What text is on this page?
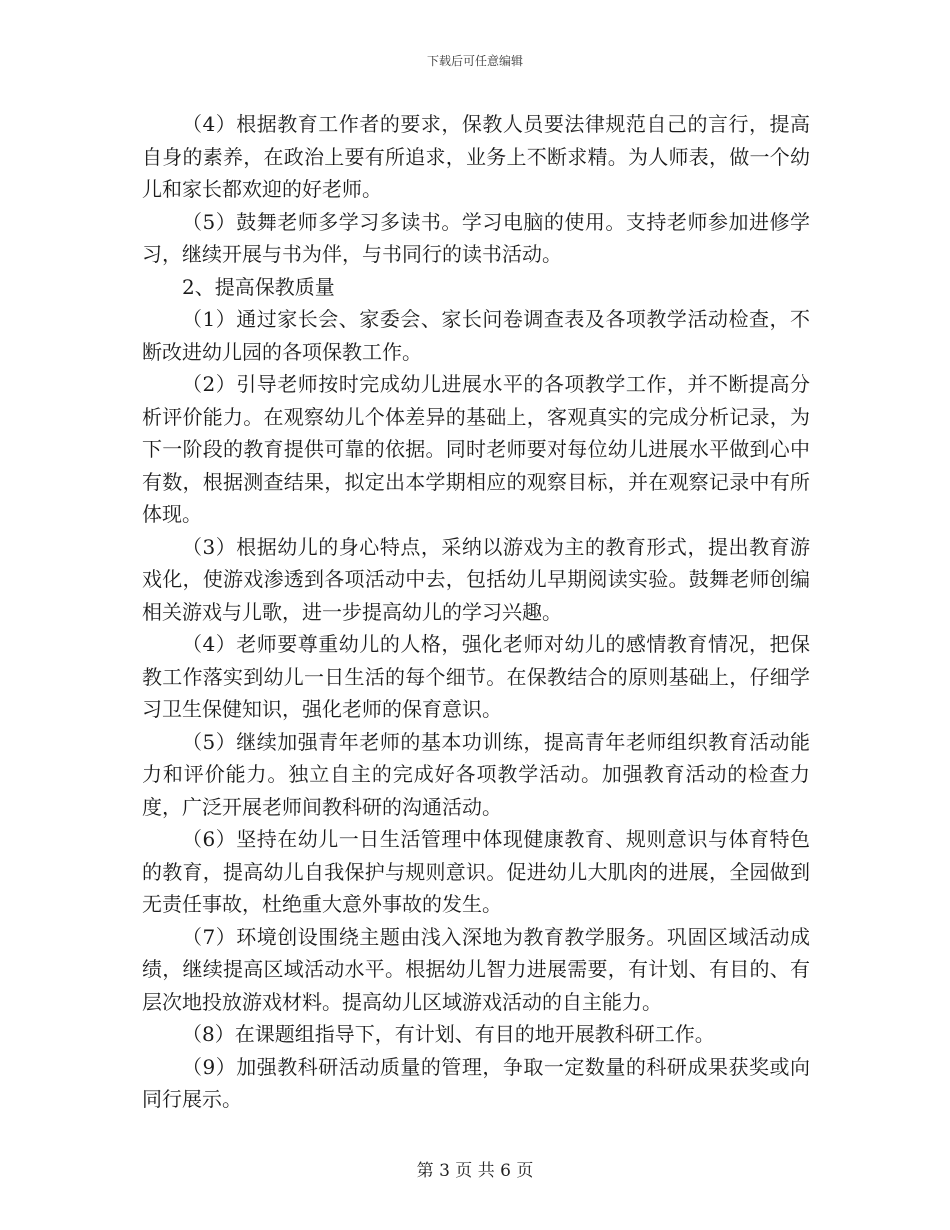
下载后可任意编辑

（4）根据教育工作者的要求，保教人员要法律规范自己的言行，提高自身的素养，在政治上要有所追求，业务上不断求精。为人师表，做一个幼儿和家长都欢迎的好老师。

（5）鼓舞老师多学习多读书。学习电脑的使用。支持老师参加进修学习，继续开展与书为伴，与书同行的读书活动。

2、提高保教质量

（1）通过家长会、家委会、家长问卷调查表及各项教学活动检查，不断改进幼儿园的各项保教工作。

（2）引导老师按时完成幼儿进展水平的各项教学工作，并不断提高分析评价能力。在观察幼儿个体差异的基础上，客观真实的完成分析记录，为下一阶段的教育提供可靠的依据。同时老师要对每位幼儿进展水平做到心中有数，根据测查结果，拟定出本学期相应的观察目标，并在观察记录中有所体现。

（3）根据幼儿的身心特点，采纳以游戏为主的教育形式，提出教育游戏化，使游戏渗透到各项活动中去，包括幼儿早期阅读实验。鼓舞老师创编相关游戏与儿歌，进一步提高幼儿的学习兴趣。

（4）老师要尊重幼儿的人格，强化老师对幼儿的感情教育情况，把保教工作落实到幼儿一日生活的每个细节。在保教结合的原则基础上，仔细学习卫生保健知识，强化老师的保育意识。

（5）继续加强青年老师的基本功训练，提高青年老师组织教育活动能力和评价能力。独立自主的完成好各项教学活动。加强教育活动的检查力度，广泛开展老师间教科研的沟通活动。

（6）坚持在幼儿一日生活管理中体现健康教育、规则意识与体育特色的教育，提高幼儿自我保护与规则意识。促进幼儿大肌肉的进展，全园做到无责任事故，杜绝重大意外事故的发生。

（7）环境创设围绕主题由浅入深地为教育教学服务。巩固区域活动成绩，继续提高区域活动水平。根据幼儿智力进展需要，有计划、有目的、有层次地投放游戏材料。提高幼儿区域游戏活动的自主能力。

（8）在课题组指导下，有计划、有目的地开展教科研工作。

（9）加强教科研活动质量的管理，争取一定数量的科研成果获奖或向同行展示。

第 3 页 共 6 页
